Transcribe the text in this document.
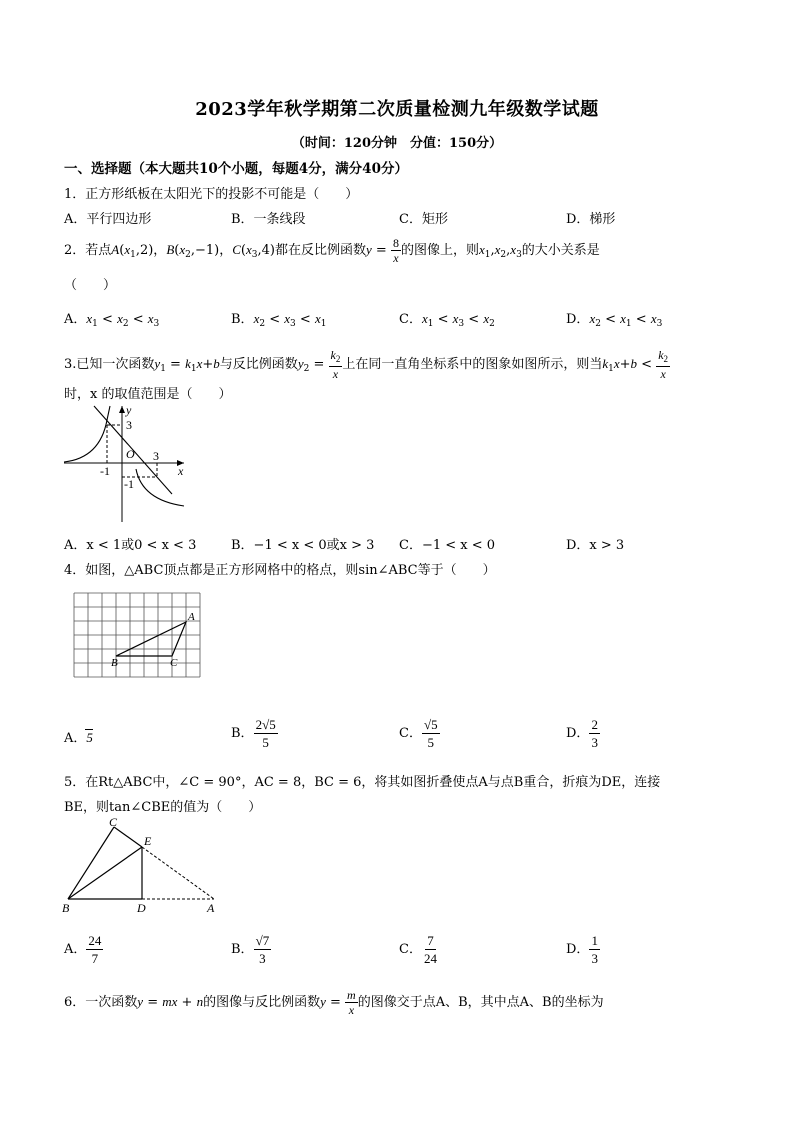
2023学年秋学期第二次质量检测九年级数学试题
（时间：120分钟　分值：150分）
一、选择题（本大题共10个小题，每题4分，满分40分）
1．正方形纸板在太阳光下的投影不可能是（　　）
A．平行四边形	B．一条线段	C．矩形	D．梯形
2．若点$A(x_1,2)$，$B(x_2,-1)$，$C(x_3,4)$都在反比例函数$y = \frac{8}{x}$ 的图像上，则$x_1,x_2,x_3$的大小关系是
（　　）
A．$x_1 < x_2 < x_3$	B．$x_2 < x_3 < x_1$	C．$x_1 < x_3 < x_2$	D．$x_2 < x_1 < x_3$
3.已知一次函数$y_1 = k_1x+b$与反比例函数$y_2 = \frac{k_2}{x}$ 上在同一直角坐标系中的图象如图所示，则当$k_1x+b < \frac{k_2}{x}$
时，x 的取值范围是（　　）
y
x
3
O 3
-1
-1
A．x < 1或0 < x < 3	B．−1 < x < 0或x > 3 C．−1 < x < 0	D．x > 3
4．如图，△ABC顶点都是正方形网格中的格点，则sin∠ABC等于（　　）
A
B	C
A．5	B． $\frac{2√5}{5}$	C． $\frac{√5}{5}$	D． $\frac{2}{3}$
5．在Rt△ABC中，∠C = 90°，AC = 8，BC = 6，将其如图折叠使点A与点B重合，折痕为DE，连接
BE，则tan∠CBE的值为（　　）
C
E
B	D	A
A． $\frac{24}{7}$	B． $\frac{√7}{3}$	C． $\frac{7}{24}$	D． $\frac{1}{3}$
6．一次函数y = mx + n的图像与反比例函数$y = \frac{m}{x}$ 的图像交于点A、B，其中点A、B的坐标为
